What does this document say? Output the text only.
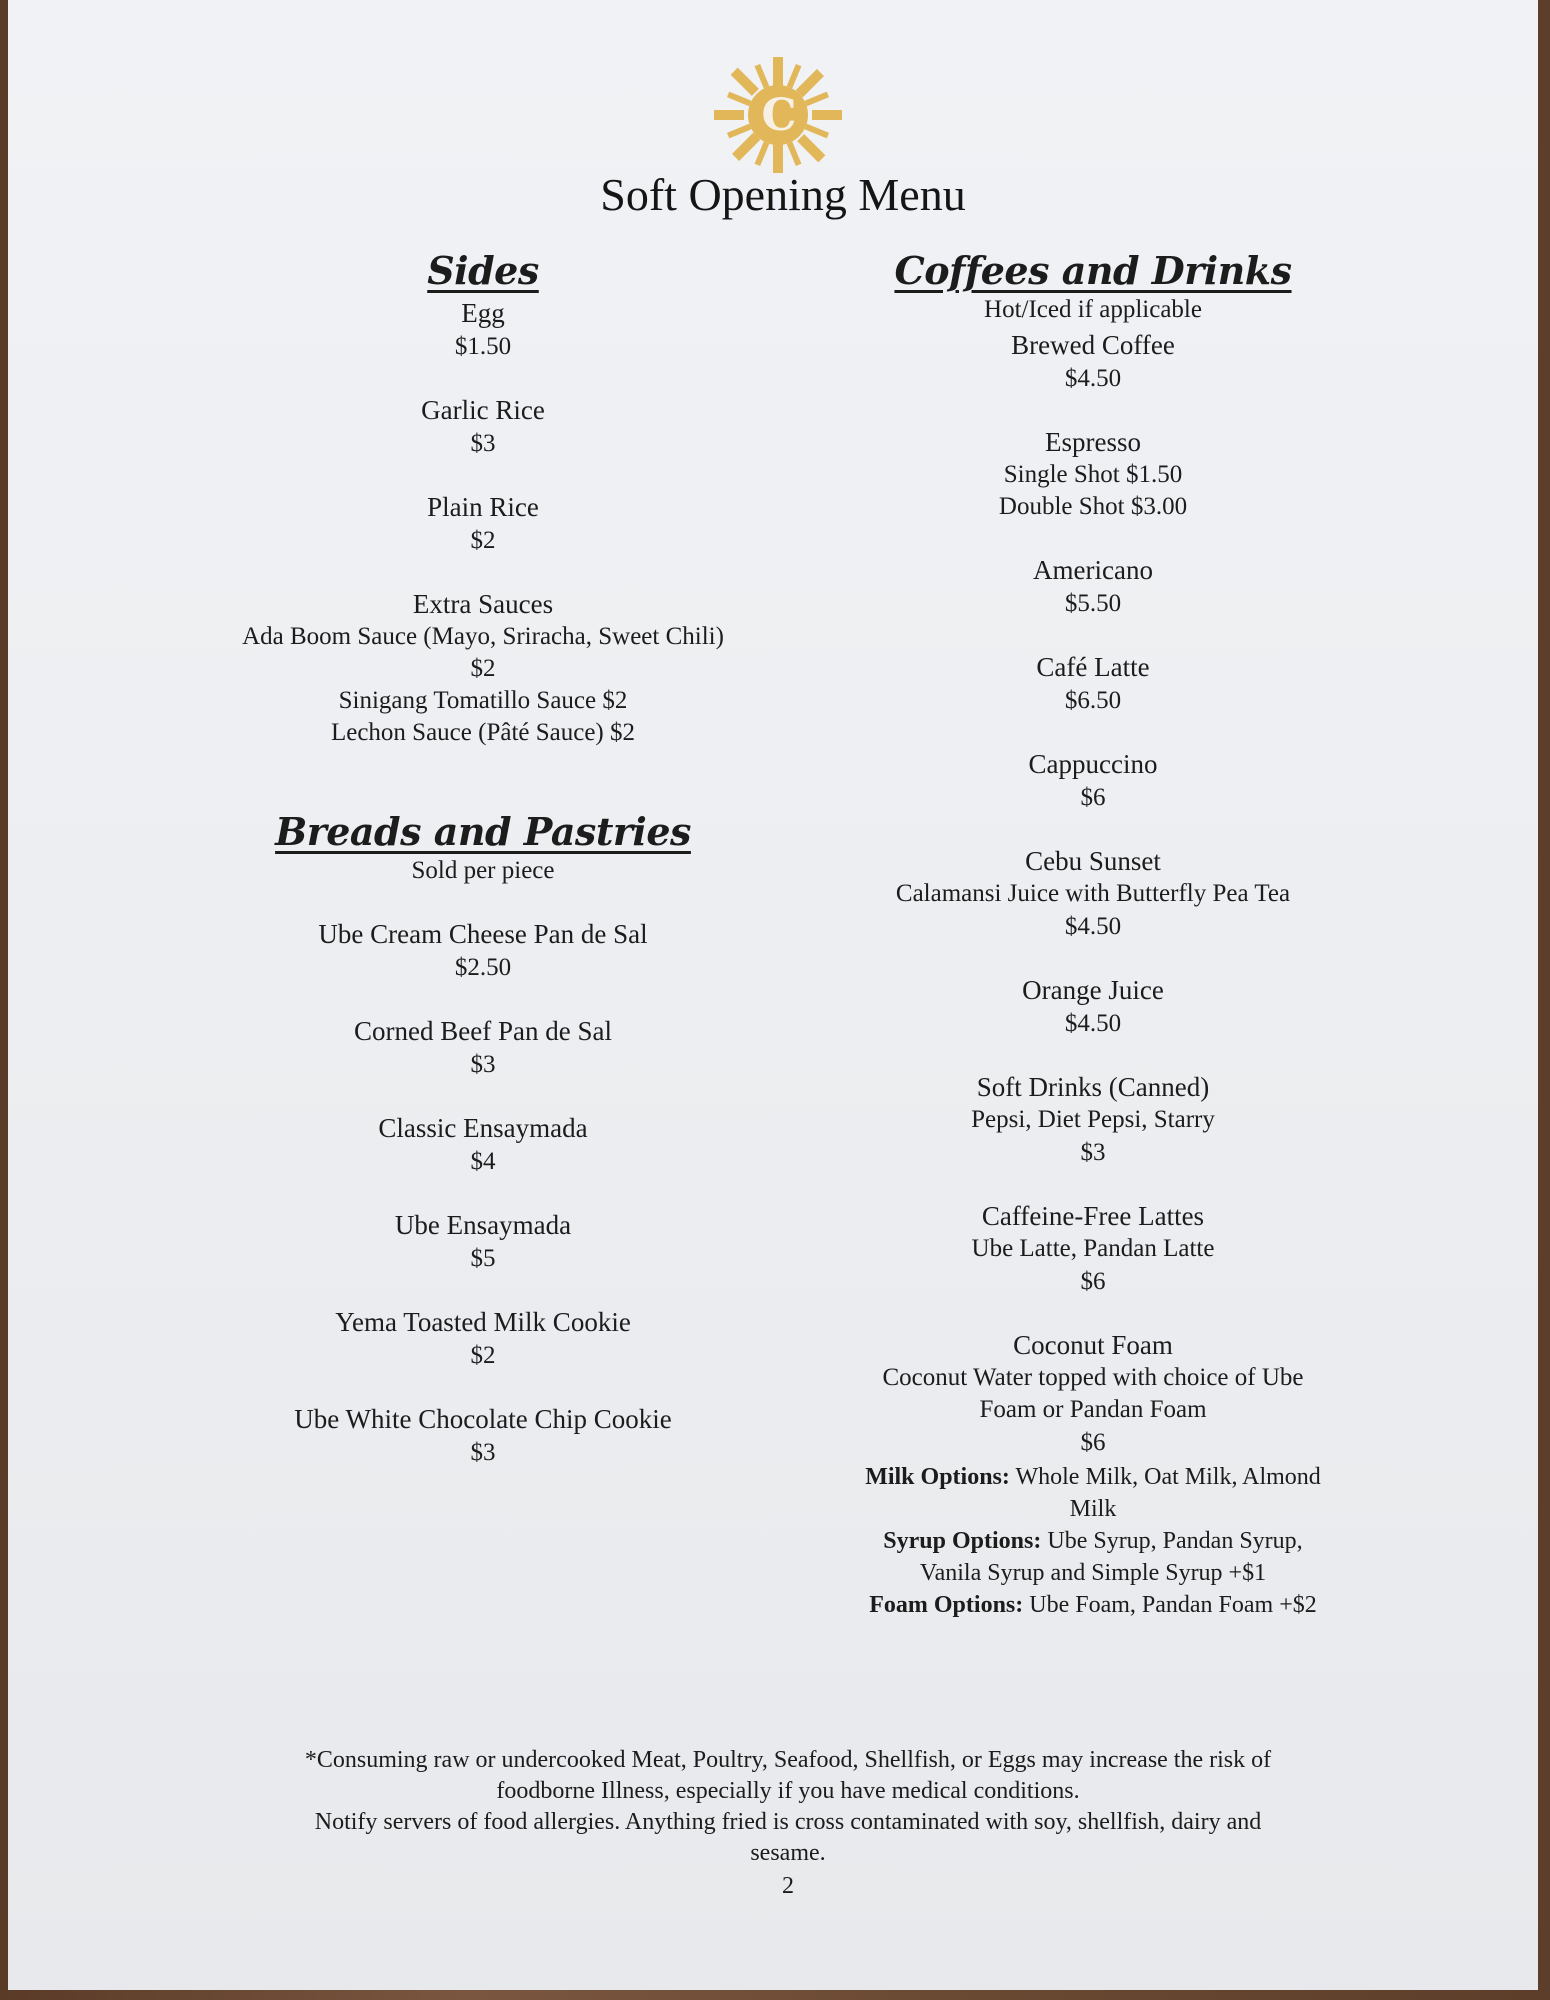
C
Soft Opening Menu
Sides
Egg
$1.50
Garlic Rice
$3
Plain Rice
$2
Extra Sauces
Ada Boom Sauce (Mayo, Sriracha, Sweet Chili)
$2
Sinigang Tomatillo Sauce $2
Lechon Sauce (Pâté Sauce) $2
Breads and Pastries
Sold per piece
Ube Cream Cheese Pan de Sal
$2.50
Corned Beef Pan de Sal
$3
Classic Ensaymada
$4
Ube Ensaymada
$5
Yema Toasted Milk Cookie
$2
Ube White Chocolate Chip Cookie
$3
Coffees and Drinks
Hot/Iced if applicable
Brewed Coffee
$4.50
Espresso
Single Shot $1.50
Double Shot $3.00
Americano
$5.50
Café Latte
$6.50
Cappuccino
$6
Cebu Sunset
Calamansi Juice with Butterfly Pea Tea
$4.50
Orange Juice
$4.50
Soft Drinks (Canned)
Pepsi, Diet Pepsi, Starry
$3
Caffeine-Free Lattes
Ube Latte, Pandan Latte
$6
Coconut Foam
Coconut Water topped with choice of Ube
Foam or Pandan Foam
$6
Milk Options: Whole Milk, Oat Milk, Almond
Milk
Syrup Options: Ube Syrup, Pandan Syrup,
Vanila Syrup and Simple Syrup +$1
Foam Options: Ube Foam, Pandan Foam +$2
*Consuming raw or undercooked Meat, Poultry, Seafood, Shellfish, or Eggs may increase the risk of
foodborne Illness, especially if you have medical conditions.
Notify servers of food allergies. Anything fried is cross contaminated with soy, shellfish, dairy and
sesame.
2
